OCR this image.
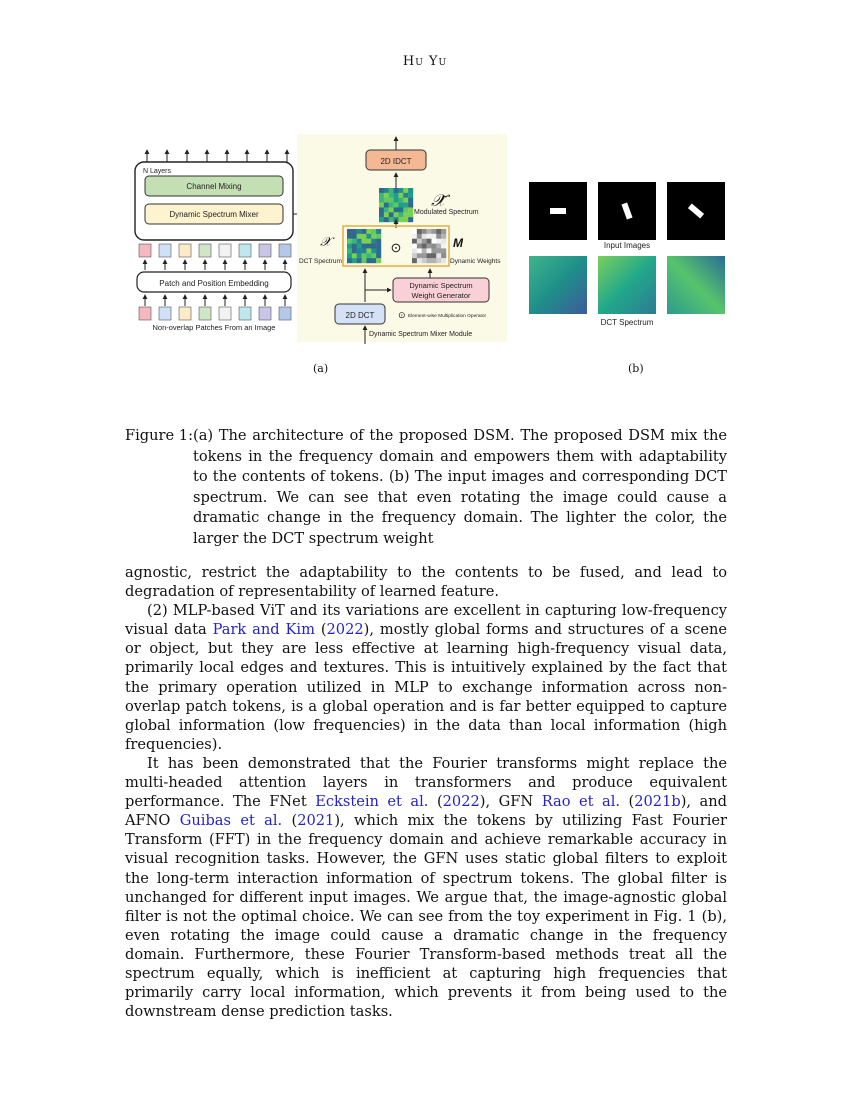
Hu Yu
N Layers
Channel Mixing
Dynamic Spectrum Mixer
Patch and Position Embedding
Non-overlap Patches From an Image
2D IDCT
𝒳̃
Modulated Spectrum
⊙
𝒳
DCT Spectrum
M
Dynamic Weights
Dynamic Spectrum
Weight Generator
2D DCT	⊙ Element-wise Multiplication Operator
Dynamic Spectrum Mixer Module
Input Images
DCT Spectrum
(a)	(b)
Figure 1: (a) The architecture of the proposed DSM. The proposed DSM mix the tokens in the frequency domain and empowers them with adaptability to the contents of tokens. (b) The input images and corresponding DCT spectrum. We can see that even rotating the image could cause a dramatic change in the frequency domain. The lighter the color, the larger the DCT spectrum weight

agnostic, restrict the adaptability to the contents to be fused, and lead to degradation of representability of learned feature.

(2) MLP-based ViT and its variations are excellent in capturing low-frequency visual data Park and Kim (2022), mostly global forms and structures of a scene or object, but they are less effective at learning high-frequency visual data, primarily local edges and textures. This is intuitively explained by the fact that the primary operation utilized in MLP to exchange information across non-overlap patch tokens, is a global operation and is far better equipped to capture global information (low frequencies) in the data than local information (high frequencies).

It has been demonstrated that the Fourier transforms might replace the multi-headed attention layers in transformers and produce equivalent performance. The FNet Eckstein et al. (2022), GFN Rao et al. (2021b), and AFNO Guibas et al. (2021), which mix the tokens by utilizing Fast Fourier Transform (FFT) in the frequency domain and achieve remarkable accuracy in visual recognition tasks. However, the GFN uses static global filters to exploit the long-term interaction information of spectrum tokens. The global filter is unchanged for different input images. We argue that, the image-agnostic global filter is not the optimal choice. We can see from the toy experiment in Fig. 1 (b), even rotating the image could cause a dramatic change in the frequency domain. Furthermore, these Fourier Transform-based methods treat all the spectrum equally, which is inefficient at capturing high frequencies that primarily carry local information, which prevents it from being used to the downstream dense prediction tasks.
